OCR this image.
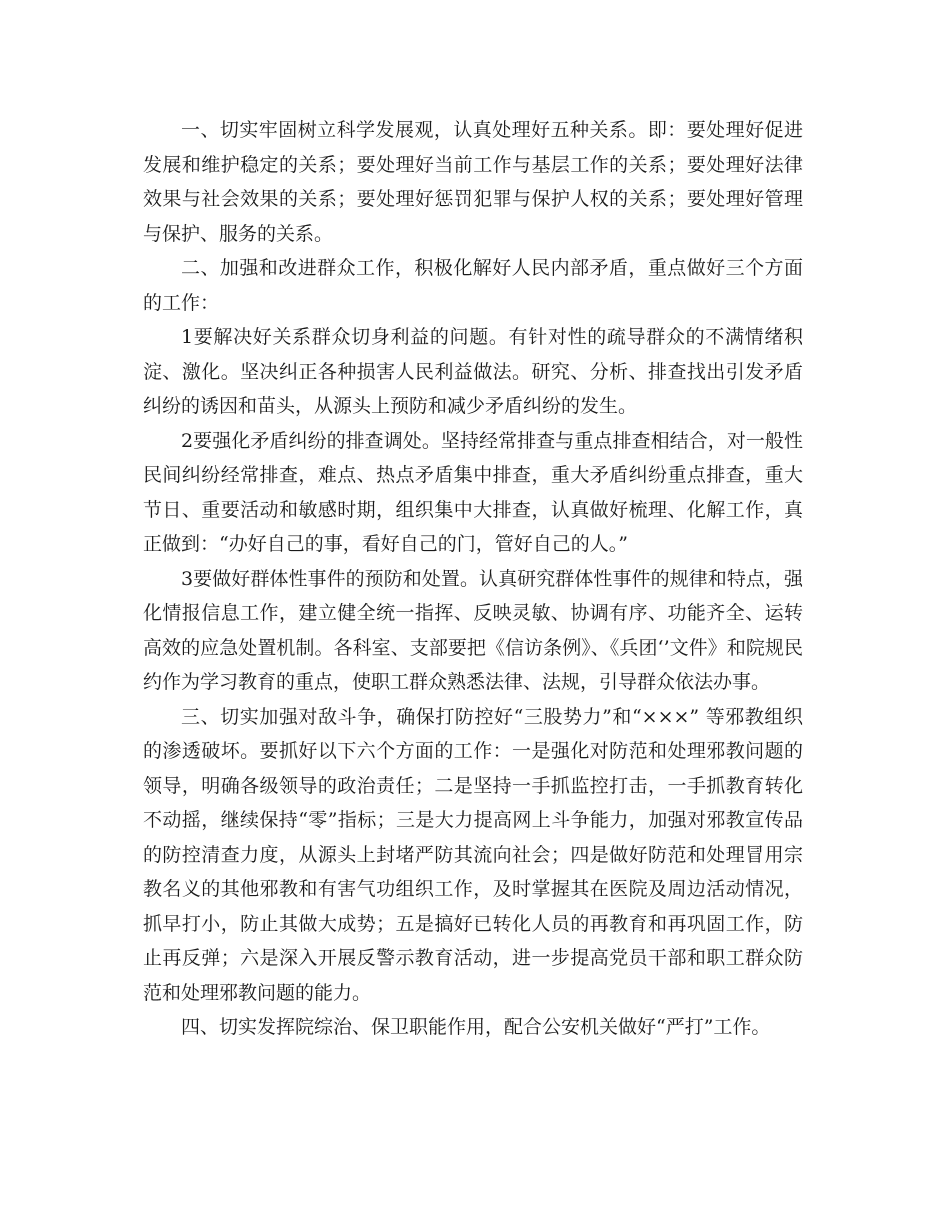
一、切实牢固树立科学发展观，认真处理好五种关系。即：要处理好促进发展和维护稳定的关系；要处理好当前工作与基层工作的关系；要处理好法律效果与社会效果的关系；要处理好惩罚犯罪与保护人权的关系；要处理好管理与保护、服务的关系。

二、加强和改进群众工作，积极化解好人民内部矛盾，重点做好三个方面的工作：

1要解决好关系群众切身利益的问题。有针对性的疏导群众的不满情绪积淀、激化。坚决纠正各种损害人民利益做法。研究、分析、排查找出引发矛盾纠纷的诱因和苗头，从源头上预防和减少矛盾纠纷的发生。

2要强化矛盾纠纷的排查调处。坚持经常排查与重点排查相结合，对一般性民间纠纷经常排查，难点、热点矛盾集中排查，重大矛盾纠纷重点排查，重大节日、重要活动和敏感时期，组织集中大排查，认真做好梳理、化解工作，真正做到：“办好自己的事，看好自己的门，管好自己的人。”

3要做好群体性事件的预防和处置。认真研究群体性事件的规律和特点，强化情报信息工作，建立健全统一指挥、反映灵敏、协调有序、功能齐全、运转高效的应急处置机制。各科室、支部要把《信访条例》、《兵团‘’文件》和院规民约作为学习教育的重点，使职工群众熟悉法律、法规，引导群众依法办事。

三、切实加强对敌斗争，确保打防控好“三股势力”和“×××” 等邪教组织的渗透破坏。要抓好以下六个方面的工作：一是强化对防范和处理邪教问题的领导，明确各级领导的政治责任；二是坚持一手抓监控打击，一手抓教育转化不动摇，继续保持“零”指标；三是大力提高网上斗争能力，加强对邪教宣传品的防控清查力度，从源头上封堵严防其流向社会；四是做好防范和处理冒用宗教名义的其他邪教和有害气功组织工作，及时掌握其在医院及周边活动情况，抓早打小，防止其做大成势；五是搞好已转化人员的再教育和再巩固工作，防止再反弹；六是深入开展反警示教育活动，进一步提高党员干部和职工群众防范和处理邪教问题的能力。

四、切实发挥院综治、保卫职能作用，配合公安机关做好“严打”工作。
